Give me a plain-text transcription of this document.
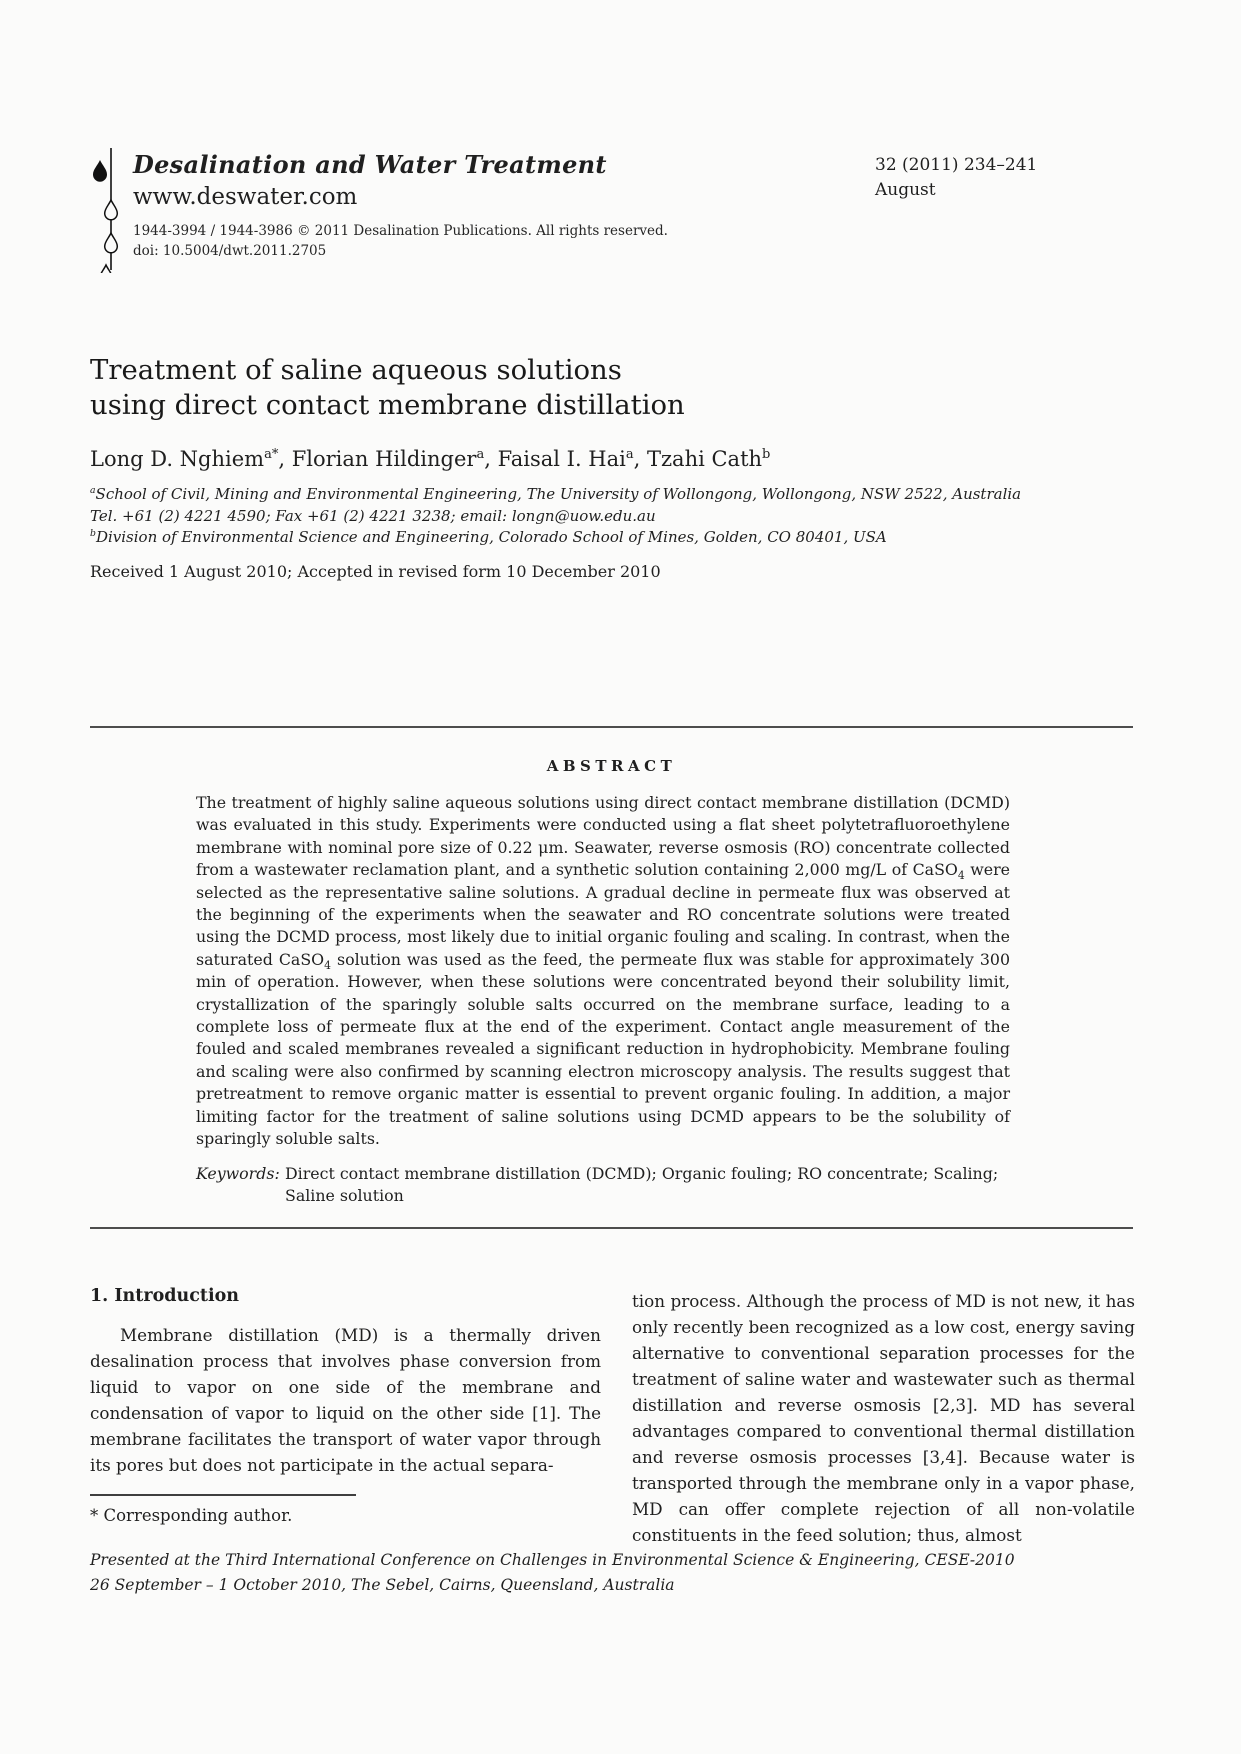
Desalination and Water Treatment
www.deswater.com
1944-3994 / 1944-3986 © 2011 Desalination Publications. All rights reserved.
doi: 10.5004/dwt.2011.2705
32 (2011) 234–241
August
Treatment of saline aqueous solutions
using direct contact membrane distillation
Long D. Nghiem$^{a*}$, Florian Hildinger$^a$, Faisal I. Hai$^a$, Tzahi Cath$^b$
$^a$School of Civil, Mining and Environmental Engineering, The University of Wollongong, Wollongong, NSW 2522, Australia
Tel. +61 (2) 4221 4590; Fax +61 (2) 4221 3238; email: longn@uow.edu.au
$^b$Division of Environmental Science and Engineering, Colorado School of Mines, Golden, CO 80401, USA
Received 1 August 2010; Accepted in revised form 10 December 2010
ABSTRACT
The treatment of highly saline aqueous solutions using direct contact membrane distillation (DCMD) was evaluated in this study. Experiments were conducted using a flat sheet polytetrafluoroethylene membrane with nominal pore size of 0.22 μm. Seawater, reverse osmosis (RO) concentrate collected from a wastewater reclamation plant, and a synthetic solution containing 2,000 mg/L of CaSO$_4$ were selected as the representative saline solutions. A gradual decline in permeate flux was observed at the beginning of the experiments when the seawater and RO concentrate solutions were treated using the DCMD process, most likely due to initial organic fouling and scaling. In contrast, when the saturated CaSO$_4$ solution was used as the feed, the permeate flux was stable for approximately 300 min of operation. However, when these solutions were concentrated beyond their solubility limit, crystallization of the sparingly soluble salts occurred on the membrane surface, leading to a complete loss of permeate flux at the end of the experiment. Contact angle measurement of the fouled and scaled membranes revealed a significant reduction in hydrophobicity. Membrane fouling and scaling were also confirmed by scanning electron microscopy analysis. The results suggest that pretreatment to remove organic matter is essential to prevent organic fouling. In addition, a major limiting factor for the treatment of saline solutions using DCMD appears to be the solubility of sparingly soluble salts.
Keywords: Direct contact membrane distillation (DCMD); Organic fouling; RO concentrate; Scaling; Saline solution
1. Introduction
Membrane distillation (MD) is a thermally driven desalination process that involves phase conversion from liquid to vapor on one side of the membrane and condensation of vapor to liquid on the other side [1]. The membrane facilitates the transport of water vapor through its pores but does not participate in the actual separa-
tion process. Although the process of MD is not new, it has only recently been recognized as a low cost, energy saving alternative to conventional separation processes for the treatment of saline water and wastewater such as thermal distillation and reverse osmosis [2,3]. MD has several advantages compared to conventional thermal distillation and reverse osmosis processes [3,4]. Because water is transported through the membrane only in a vapor phase, MD can offer complete rejection of all non-volatile constituents in the feed solution; thus, almost
* Corresponding author.
Presented at the Third International Conference on Challenges in Environmental Science & Engineering, CESE-2010
26 September – 1 October 2010, The Sebel, Cairns, Queensland, Australia
